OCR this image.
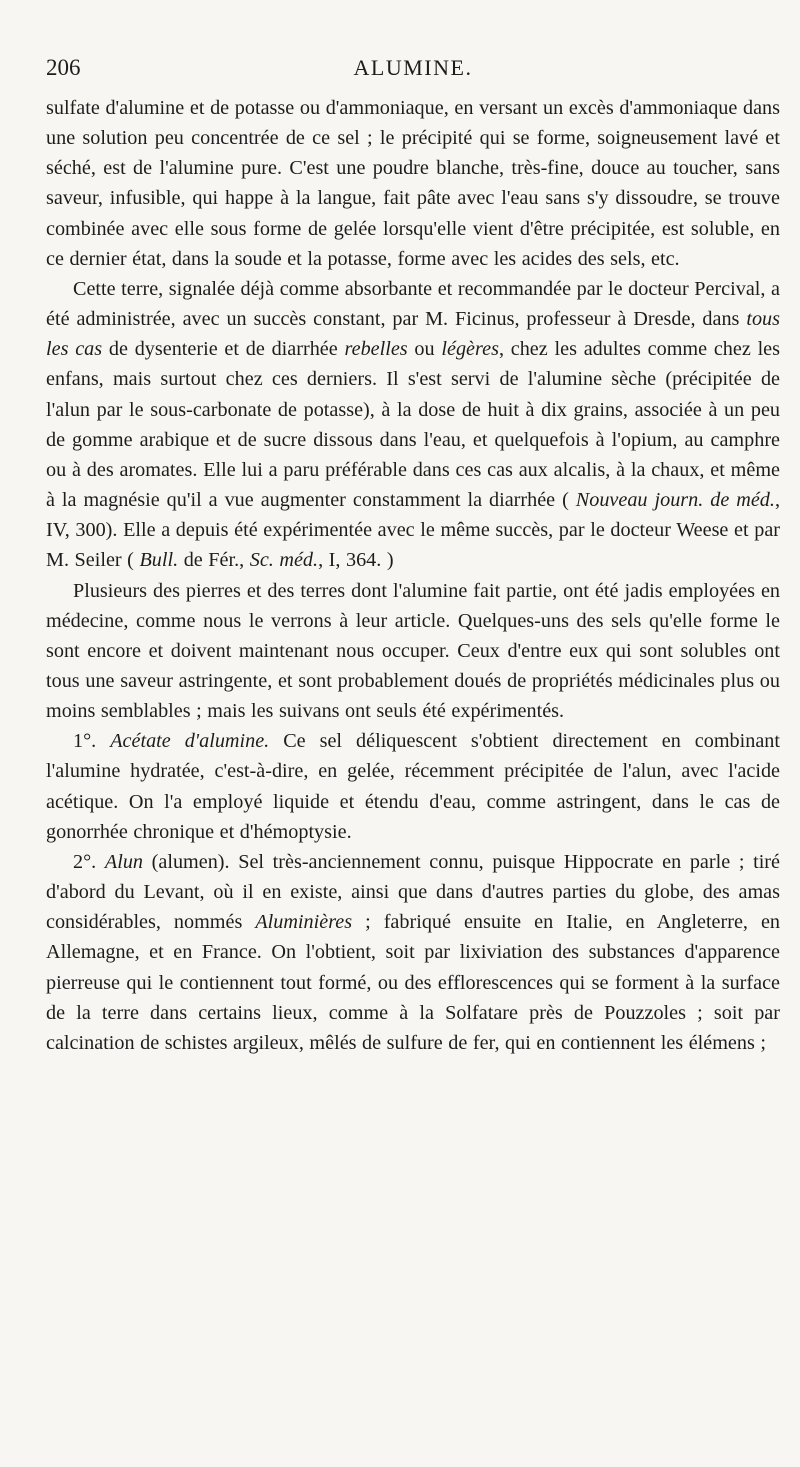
206	ALUMINE.

sulfate d'alumine et de potasse ou d'ammoniaque, en versant un excès d'ammoniaque dans une solution peu concentrée de ce sel ; le précipité qui se forme, soigneusement lavé et séché, est de l'alumine pure. C'est une poudre blanche, très-fine, douce au toucher, sans saveur, infusible, qui happe à la langue, fait pâte avec l'eau sans s'y dissoudre, se trouve combinée avec elle sous forme de gelée lorsqu'elle vient d'être précipitée, est soluble, en ce dernier état, dans la soude et la potasse, forme avec les acides des sels, etc.

Cette terre, signalée déjà comme absorbante et recommandée par le docteur Percival, a été administrée, avec un succès constant, par M. Ficinus, professeur à Dresde, dans tous les cas de dysenterie et de diarrhée rebelles ou légères, chez les adultes comme chez les enfans, mais surtout chez ces derniers. Il s'est servi de l'alumine sèche (précipitée de l'alun par le sous-carbonate de potasse), à la dose de huit à dix grains, associée à un peu de gomme arabique et de sucre dissous dans l'eau, et quelquefois à l'opium, au camphre ou à des aromates. Elle lui a paru préférable dans ces cas aux alcalis, à la chaux, et même à la magnésie qu'il a vue augmenter constamment la diarrhée ( Nouveau journ. de méd., IV, 300). Elle a depuis été expérimentée avec le même succès, par le docteur Weese et par M. Seiler ( Bull. de Fér., Sc. méd., I, 364. )

Plusieurs des pierres et des terres dont l'alumine fait partie, ont été jadis employées en médecine, comme nous le verrons à leur article. Quelques-uns des sels qu'elle forme le sont encore et doivent maintenant nous occuper. Ceux d'entre eux qui sont solubles ont tous une saveur astringente, et sont probablement doués de propriétés médicinales plus ou moins semblables ; mais les suivans ont seuls été expérimentés.

1°. Acétate d'alumine. Ce sel déliquescent s'obtient directement en combinant l'alumine hydratée, c'est-à-dire, en gelée, récemment précipitée de l'alun, avec l'acide acétique. On l'a employé liquide et étendu d'eau, comme astringent, dans le cas de gonorrhée chronique et d'hémoptysie.

2°. Alun (alumen). Sel très-anciennement connu, puisque Hippocrate en parle ; tiré d'abord du Levant, où il en existe, ainsi que dans d'autres parties du globe, des amas considérables, nommés Aluminières ; fabriqué ensuite en Italie, en Angleterre, en Allemagne, et en France. On l'obtient, soit par lixiviation des substances d'apparence pierreuse qui le contiennent tout formé, ou des efflorescences qui se forment à la surface de la terre dans certains lieux, comme à la Solfatare près de Pouzzoles ; soit par calcination de schistes argileux, mêlés de sulfure de fer, qui en contiennent les élémens ;
